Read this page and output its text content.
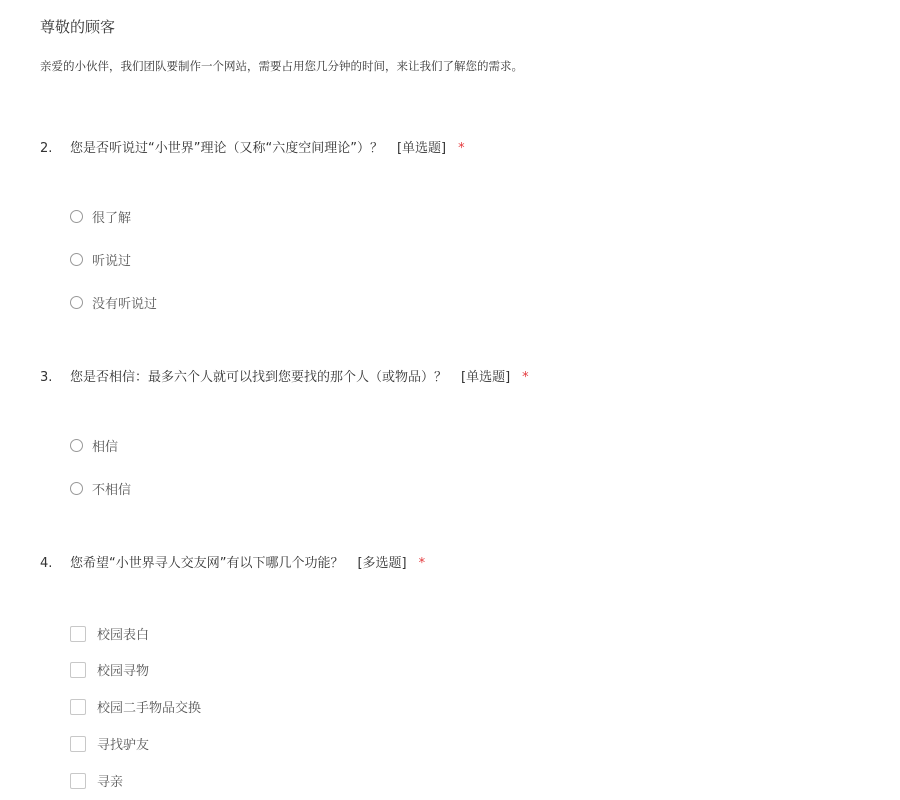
尊敬的顾客
亲爱的小伙伴，我们团队要制作一个网站，需要占用您几分钟的时间，来让我们了解您的需求。
2. 您是否听说过“小世界”理论（又称“六度空间理论”）？ [单选题] *
很了解
听说过
没有听说过
3. 您是否相信：最多六个人就可以找到您要找的那个人（或物品）？ [单选题] *
相信
不相信
4. 您希望“小世界寻人交友网”有以下哪几个功能？ [多选题] *
校园表白
校园寻物
校园二手物品交换
寻找驴友
寻亲
